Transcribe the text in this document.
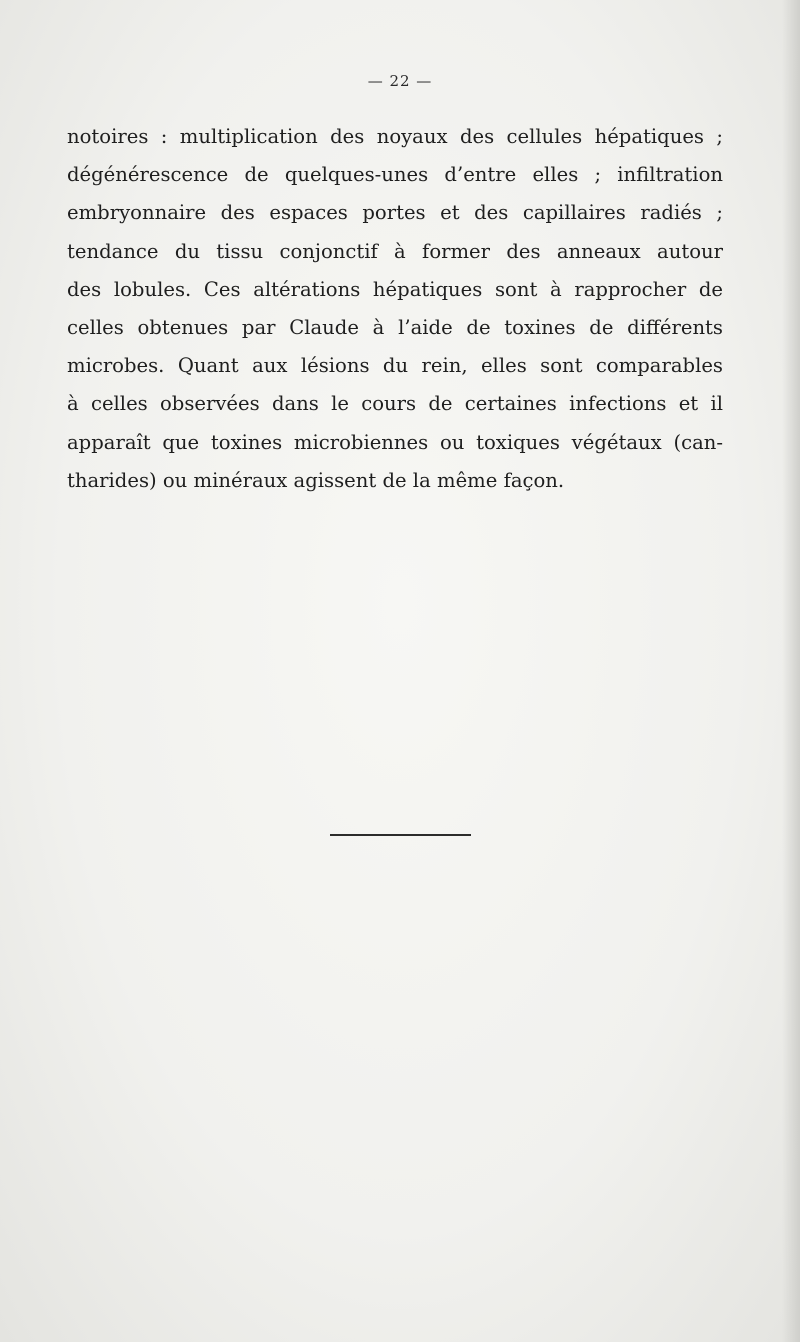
— 22 —

notoires : multiplication des noyaux des cellules hépatiques ;
dégénérescence de quelques-unes d’entre elles ; infiltration
embryonnaire des espaces portes et des capillaires radiés ;
tendance du tissu conjonctif à former des anneaux autour
des lobules. Ces altérations hépatiques sont à rapprocher de
celles obtenues par Claude à l’aide de toxines de différents
microbes. Quant aux lésions du rein, elles sont comparables
à celles observées dans le cours de certaines infections et il
apparaît que toxines microbiennes ou toxiques végétaux (can-
tharides) ou minéraux agissent de la même façon.
